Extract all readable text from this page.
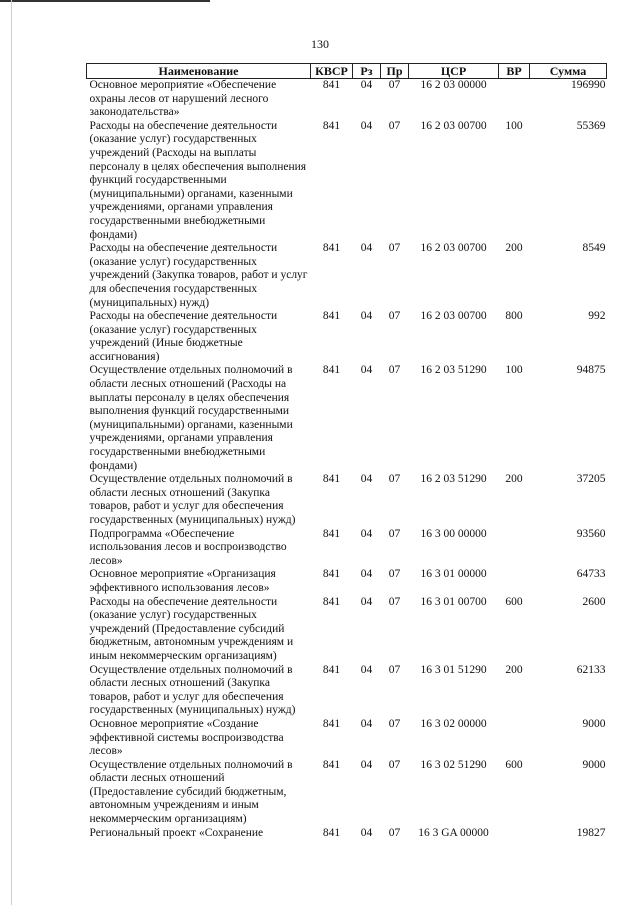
130
Наименование	КВСР	Рз	Пр	ЦСР	ВР	Сумма
Основное мероприятие «Обеспечение охраны лесов от нарушений лесного законодательства»	841	04	07	16 2 03 00000		196990
Расходы на обеспечение деятельности (оказание услуг) государственных учреждений (Расходы на выплаты персоналу в целях обеспечения выполнения функций государственными (муниципальными) органами, казенными учреждениями, органами управления государственными внебюджетными фондами)	841	04	07	16 2 03 00700	100	55369
Расходы на обеспечение деятельности (оказание услуг) государственных учреждений (Закупка товаров, работ и услуг для обеспечения государственных (муниципальных) нужд)	841	04	07	16 2 03 00700	200	8549
Расходы на обеспечение деятельности (оказание услуг) государственных учреждений (Иные бюджетные ассигнования)	841	04	07	16 2 03 00700	800	992
Осуществление отдельных полномочий в области лесных отношений (Расходы на выплаты персоналу в целях обеспечения выполнения функций государственными (муниципальными) органами, казенными учреждениями, органами управления государственными внебюджетными фондами)	841	04	07	16 2 03 51290	100	94875
Осуществление отдельных полномочий в области лесных отношений (Закупка товаров, работ и услуг для обеспечения государственных (муниципальных) нужд)	841	04	07	16 2 03 51290	200	37205
Подпрограмма «Обеспечение использования лесов и воспроизводство лесов»	841	04	07	16 3 00 00000		93560
Основное мероприятие «Организация эффективного использования лесов»	841	04	07	16 3 01 00000		64733
Расходы на обеспечение деятельности (оказание услуг) государственных учреждений (Предоставление субсидий бюджетным, автономным учреждениям и иным некоммерческим организациям)	841	04	07	16 3 01 00700	600	2600
Осуществление отдельных полномочий в области лесных отношений (Закупка товаров, работ и услуг для обеспечения государственных (муниципальных) нужд)	841	04	07	16 3 01 51290	200	62133
Основное мероприятие «Создание эффективной системы воспроизводства лесов»	841	04	07	16 3 02 00000		9000
Осуществление отдельных полномочий в области лесных отношений (Предоставление субсидий бюджетным, автономным учреждениям и иным некоммерческим организациям)	841	04	07	16 3 02 51290	600	9000
Региональный проект «Сохранение	841	04	07	16 3 GA 00000		19827
